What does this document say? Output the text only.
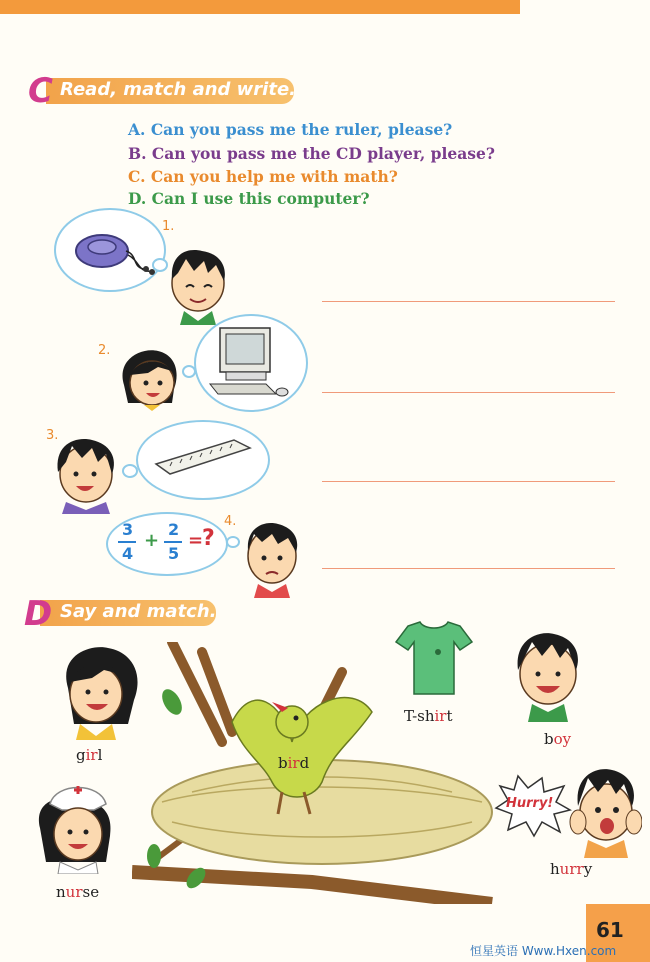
C Read, match and write.
A. Can you pass me the ruler, please?
B. Can you pass me the CD player, please?
C. Can you help me with math?
D. Can I use this computer?
1.
2.
3.
3
4
+
2
5
=
?
4.
D Say and match.
Hurry!
girl
T-shirt
boy
bird
nurse
hurry
61
恒星英语 Www.Hxen.com
